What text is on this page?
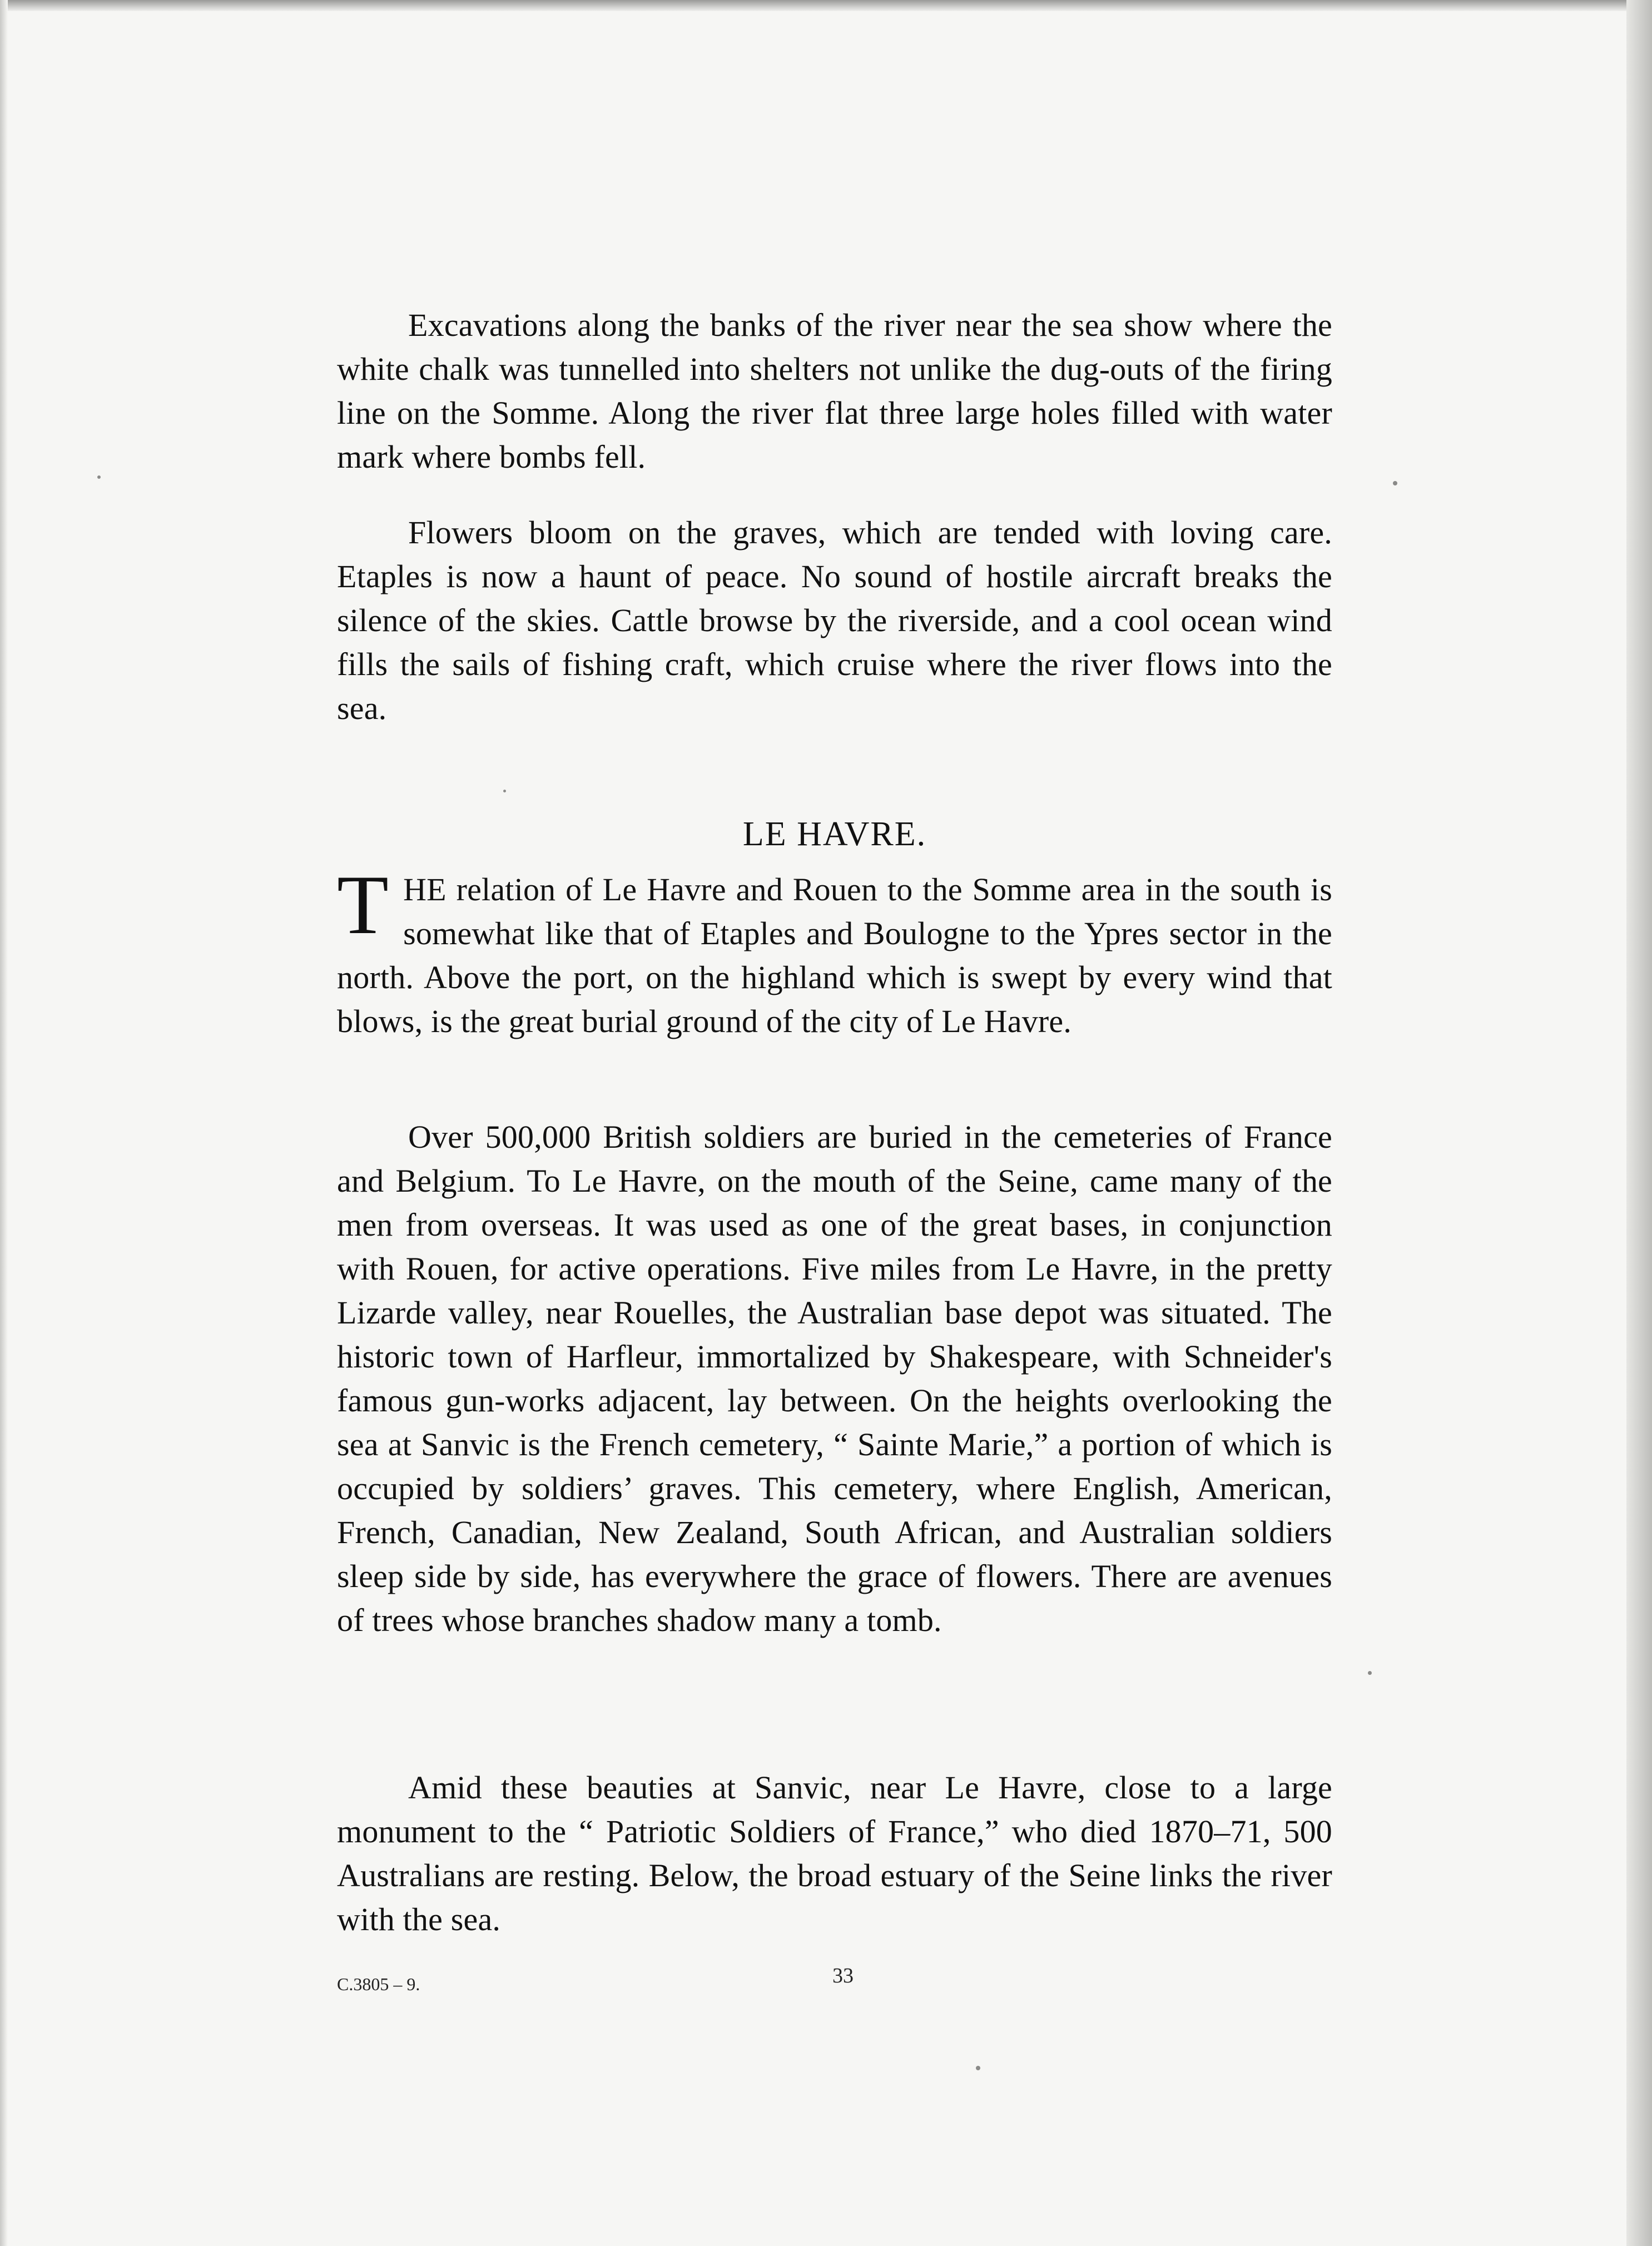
Excavations along the banks of the river near the sea show where the white chalk was tunnelled into shelters not unlike the dug-outs of the firing line on the Somme. Along the river flat three large holes filled with water mark where bombs fell.

Flowers bloom on the graves, which are tended with loving care. Etaples is now a haunt of peace. No sound of hostile aircraft breaks the silence of the skies. Cattle browse by the riverside, and a cool ocean wind fills the sails of fishing craft, which cruise where the river flows into the sea.

LE HAVRE.

THE relation of Le Havre and Rouen to the Somme area in the south is somewhat like that of Etaples and Boulogne to the Ypres sector in the north. Above the port, on the highland which is swept by every wind that blows, is the great burial ground of the city of Le Havre.

Over 500,000 British soldiers are buried in the cemeteries of France and Belgium. To Le Havre, on the mouth of the Seine, came many of the men from overseas. It was used as one of the great bases, in conjunction with Rouen, for active operations. Five miles from Le Havre, in the pretty Lizarde valley, near Rouelles, the Australian base depot was situated. The historic town of Harfleur, immortalized by Shakespeare, with Schneider's famous gun-works adjacent, lay between. On the heights overlooking the sea at Sanvic is the French cemetery, “ Sainte Marie,” a portion of which is occupied by soldiers’ graves. This cemetery, where English, American, French, Canadian, New Zealand, South African, and Australian soldiers sleep side by side, has everywhere the grace of flowers. There are avenues of trees whose branches shadow many a tomb.

Amid these beauties at Sanvic, near Le Havre, close to a large monument to the “ Patriotic Soldiers of France,” who died 1870–71, 500 Australians are resting. Below, the broad estuary of the Seine links the river with the sea.

C.3805 – 9.	33
